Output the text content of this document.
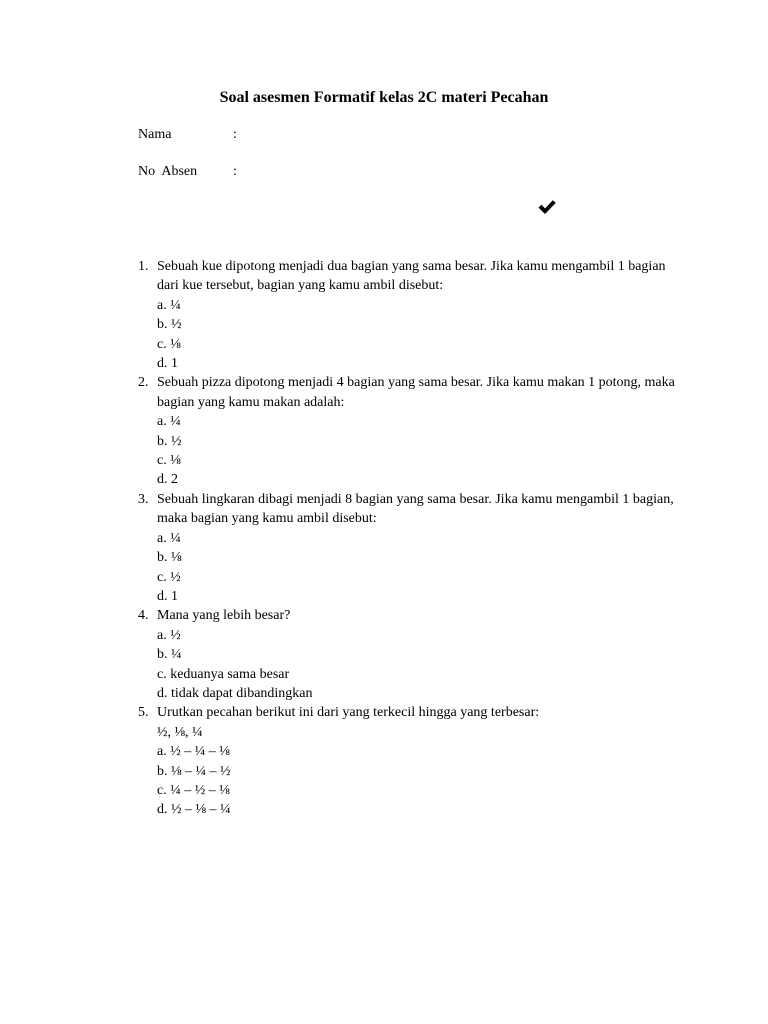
Soal asesmen Formatif kelas 2C materi Pecahan
Nama	:
No  Absen	:
1. Sebuah kue dipotong menjadi dua bagian yang sama besar. Jika kamu mengambil 1 bagian dari kue tersebut, bagian yang kamu ambil disebut:
a. ¼
b. ½
c. ⅛
d. 1
2. Sebuah pizza dipotong menjadi 4 bagian yang sama besar. Jika kamu makan 1 potong, maka bagian yang kamu makan adalah:
a. ¼
b. ½
c. ⅛
d. 2
3. Sebuah lingkaran dibagi menjadi 8 bagian yang sama besar. Jika kamu mengambil 1 bagian, maka bagian yang kamu ambil disebut:
a. ¼
b. ⅛
c. ½
d. 1
4. Mana yang lebih besar?
a. ½
b. ¼
c. keduanya sama besar
d. tidak dapat dibandingkan
5. Urutkan pecahan berikut ini dari yang terkecil hingga yang terbesar:
½, ⅛, ¼
a. ½ – ¼ – ⅛
b. ⅛ – ¼ – ½
c. ¼ – ½ – ⅛
d. ½ – ⅛ – ¼
